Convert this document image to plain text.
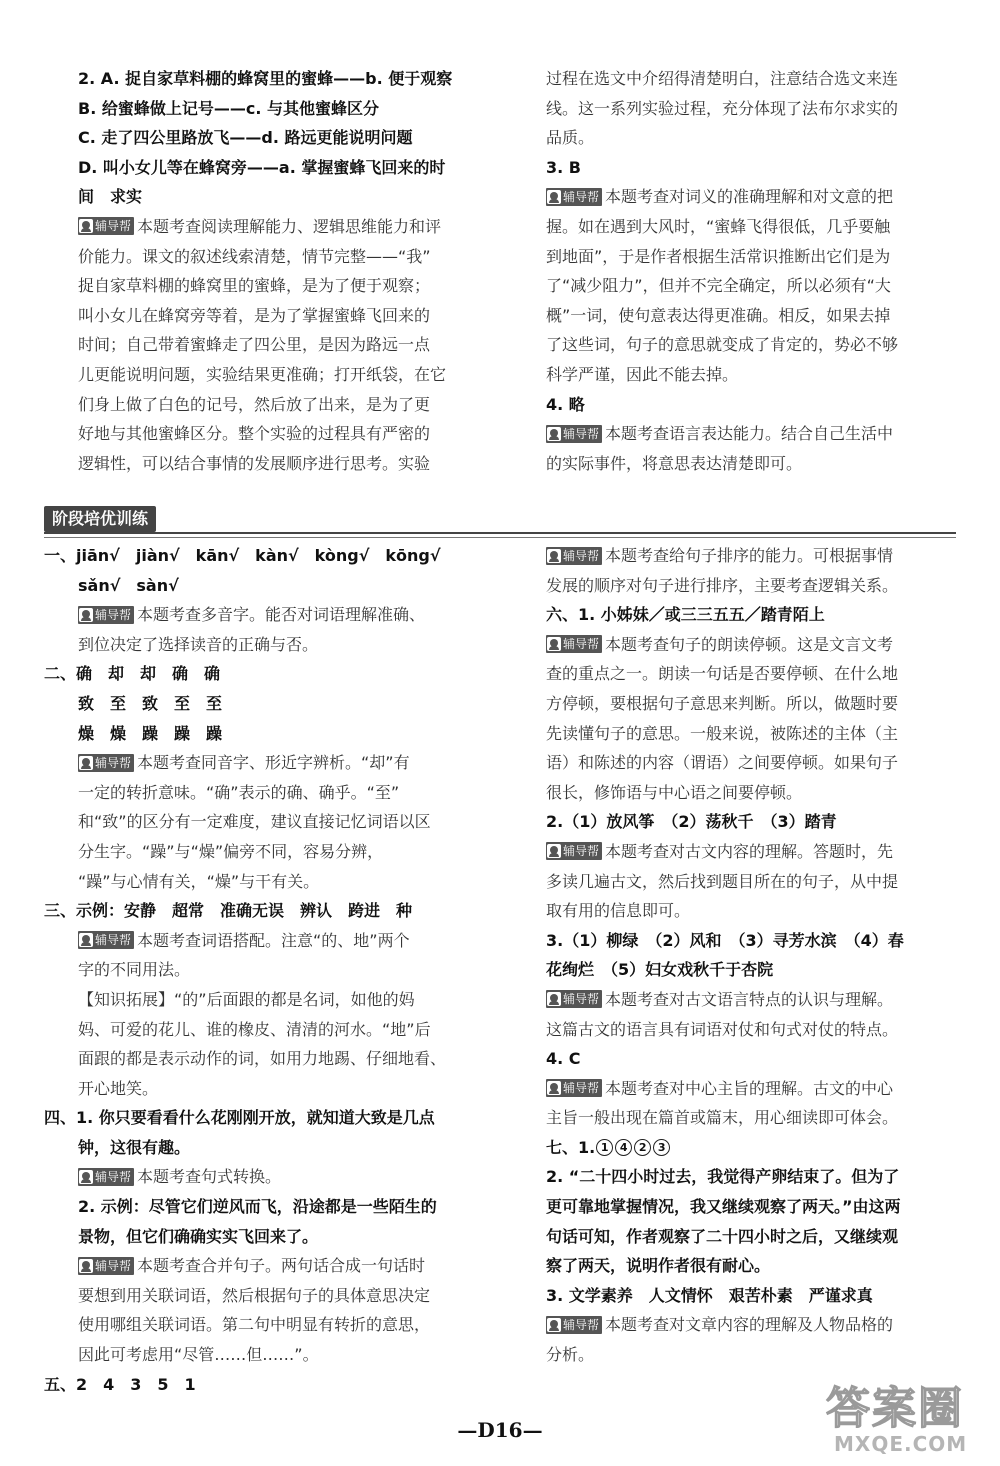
2. A. 捉自家草料棚的蜂窝里的蜜蜂——b. 便于观察
B. 给蜜蜂做上记号——c. 与其他蜜蜂区分
C. 走了四公里路放飞——d. 路远更能说明问题
D. 叫小女儿等在蜂窝旁——a. 掌握蜜蜂飞回来的时
间　求实
辅导帮 本题考查阅读理解能力、逻辑思维能力和评
价能力。课文的叙述线索清楚，情节完整——“我”
捉自家草料棚的蜂窝里的蜜蜂，是为了便于观察；
叫小女儿在蜂窝旁等着，是为了掌握蜜蜂飞回来的
时间；自己带着蜜蜂走了四公里，是因为路远一点
儿更能说明问题，实验结果更准确；打开纸袋，在它
们身上做了白色的记号，然后放了出来，是为了更
好地与其他蜜蜂区分。整个实验的过程具有严密的
逻辑性，可以结合事情的发展顺序进行思考。实验
过程在选文中介绍得清楚明白，注意结合选文来连
线。这一系列实验过程，充分体现了法布尔求实的
品质。
3. B
辅导帮 本题考查对词义的准确理解和对文意的把
握。如在遇到大风时，“蜜蜂飞得很低，几乎要触
到地面”，于是作者根据生活常识推断出它们是为
了“减少阻力”，但并不完全确定，所以必须有“大
概”一词，使句意表达得更准确。相反，如果去掉
了这些词，句子的意思就变成了肯定的，势必不够
科学严谨，因此不能去掉。
4. 略
辅导帮 本题考查语言表达能力。结合自己生活中
的实际事件，将意思表达清楚即可。
阶段培优训练
一、jiān√　jiàn√　kān√　kàn√　kòng√　kōng√
sǎn√　sàn√
辅导帮 本题考查多音字。能否对词语理解准确、
到位决定了选择读音的正确与否。
二、确　却　却　确　确
致　至　致　至　至
燥　燥　躁　躁　躁
辅导帮 本题考查同音字、形近字辨析。“却”有
一定的转折意味。“确”表示的确、确乎。“至”
和“致”的区分有一定难度，建议直接记忆词语以区
分生字。“躁”与“燥”偏旁不同，容易分辨，
“躁”与心情有关，“燥”与干有关。
三、示例：安静　超常　准确无误　辨认　跨进　种
辅导帮 本题考查词语搭配。注意“的、地”两个
字的不同用法。
【知识拓展】“的”后面跟的都是名词，如他的妈
妈、可爱的花儿、谁的橡皮、清清的河水。“地”后
面跟的都是表示动作的词，如用力地踢、仔细地看、
开心地笑。
四、1. 你只要看看什么花刚刚开放，就知道大致是几点
钟，这很有趣。
辅导帮 本题考查句式转换。
2. 示例：尽管它们逆风而飞，沿途都是一些陌生的
景物，但它们确确实实飞回来了。
辅导帮 本题考查合并句子。两句话合成一句话时
要想到用关联词语，然后根据句子的具体意思决定
使用哪组关联词语。第二句中明显有转折的意思，
因此可考虑用“尽管……但……”。
五、2　4　3　5　1
辅导帮 本题考查给句子排序的能力。可根据事情
发展的顺序对句子进行排序，主要考查逻辑关系。
六、1. 小姊妹／或三三五五／踏青陌上
辅导帮 本题考查句子的朗读停顿。这是文言文考
查的重点之一。朗读一句话是否要停顿、在什么地
方停顿，要根据句子意思来判断。所以，做题时要
先读懂句子的意思。一般来说，被陈述的主体（主
语）和陈述的内容（谓语）之间要停顿。如果句子
很长，修饰语与中心语之间要停顿。
2.（1）放风筝　（2）荡秋千　（3）踏青
辅导帮 本题考查对古文内容的理解。答题时，先
多读几遍古文，然后找到题目所在的句子，从中提
取有用的信息即可。
3.（1）柳绿　（2）风和　（3）寻芳水滨　（4）春
花绚烂　（5）妇女戏秋千于杏院
辅导帮 本题考查对古文语言特点的认识与理解。
这篇古文的语言具有词语对仗和句式对仗的特点。
4. C
辅导帮 本题考查对中心主旨的理解。古文的中心
主旨一般出现在篇首或篇末，用心细读即可体会。
七、1. 1 4 2 3
2. “二十四小时过去，我觉得产卵结束了。但为了
更可靠地掌握情况，我又继续观察了两天。”由这两
句话可知，作者观察了二十四小时之后，又继续观
察了两天，说明作者很有耐心。
3. 文学素养　人文情怀　艰苦朴素　严谨求真
辅导帮 本题考查对文章内容的理解及人物品格的
分析。
—D16—	答案圈
MXQE.COM
